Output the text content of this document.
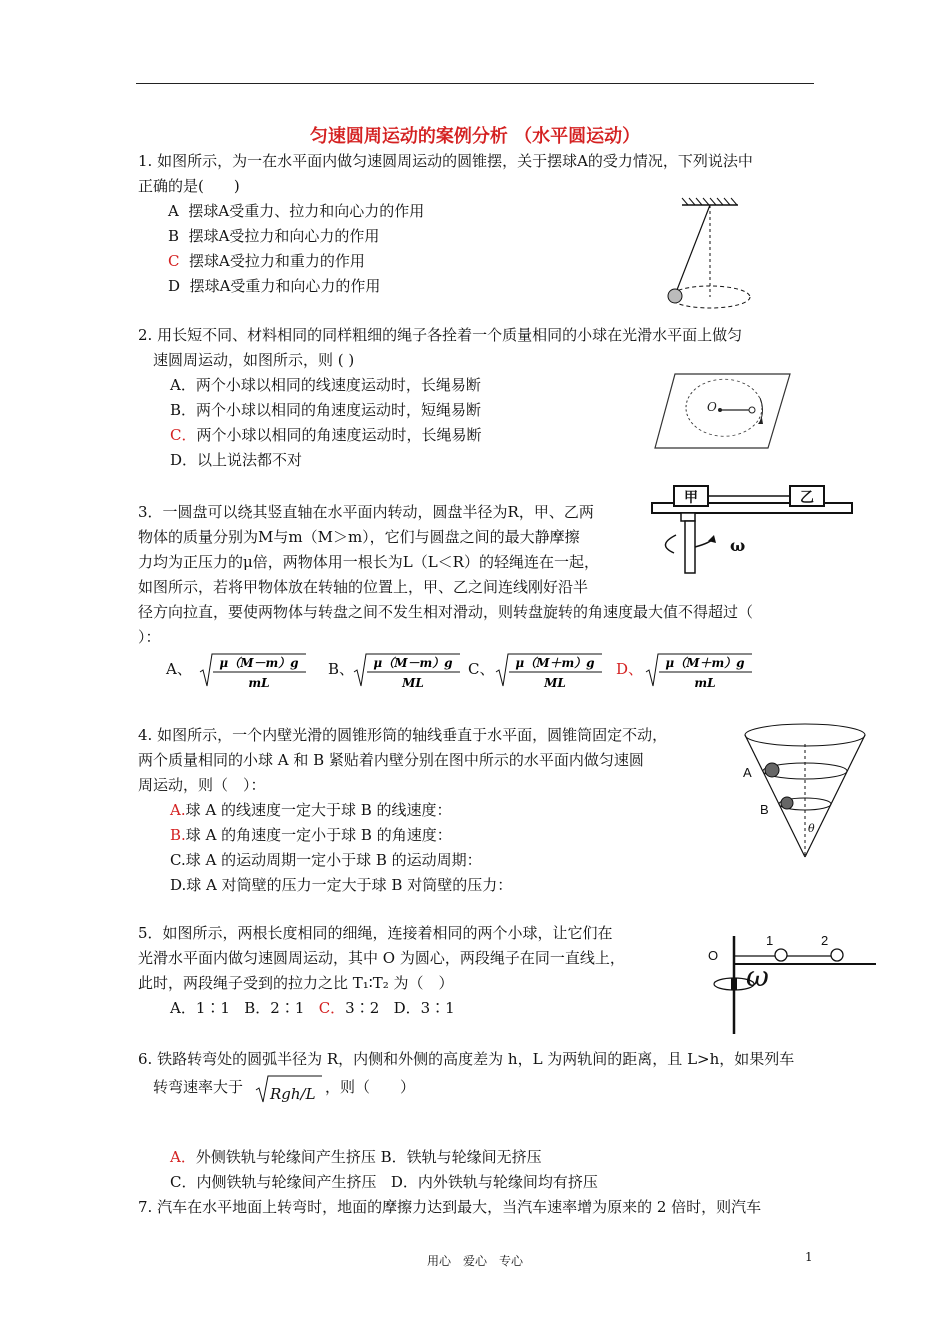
匀速圆周运动的案例分析 （水平圆运动）
1. 如图所示，为一在水平面内做匀速圆周运动的圆锥摆，关于摆球A的受力情况，下列说法中
正确的是(　　)
A 摆球A受重力、拉力和向心力的作用
B 摆球A受拉力和向心力的作用
C 摆球A受拉力和重力的作用
D 摆球A受重力和向心力的作用
2. 用长短不同、材料相同的同样粗细的绳子各拴着一个质量相同的小球在光滑水平面上做匀
速圆周运动，如图所示，则 ( )
A．两个小球以相同的线速度运动时，长绳易断
B．两个小球以相同的角速度运动时，短绳易断
C．两个小球以相同的角速度运动时，长绳易断
D．以上说法都不对
O
3．一圆盘可以绕其竖直轴在水平面内转动，圆盘半径为R，甲、乙两
物体的质量分别为M与m（M＞m），它们与圆盘之间的最大静摩擦
力均为正压力的μ倍，两物体用一根长为L（L＜R）的轻绳连在一起，
如图所示，若将甲物体放在转轴的位置上，甲、乙之间连线刚好沿半
径方向拉直，要使两物体与转盘之间不发生相对滑动，则转盘旋转的角速度最大值不得超过（
）：
甲	乙
ω
A、 μ（M－m）g
mL
B、 μ（M－m）g
ML
C、 μ（M＋m）g
ML
D、 μ（M＋m）g
mL
4. 如图所示，一个内壁光滑的圆锥形筒的轴线垂直于水平面，圆锥筒固定不动，
两个质量相同的小球 A 和 B 紧贴着内壁分别在图中所示的水平面内做匀速圆
周运动，则（　）：
A.球 A 的线速度一定大于球 B 的线速度：
B.球 A 的角速度一定小于球 B 的角速度：
C.球 A 的运动周期一定小于球 B 的运动周期：
D.球 A 对筒壁的压力一定大于球 B 对筒壁的压力：
A
B
θ
5．如图所示，两根长度相同的细绳，连接着相同的两个小球，让它们在
光滑水平面内做匀速圆周运动，其中 O 为圆心，两段绳子在同一直线上，
此时，两段绳子受到的拉力之比 T₁∶T₂ 为（　）
A．1∶1 B．2∶1 C．3∶2 D．3∶1
O
1	2
ω
6. 铁路转弯处的圆弧半径为 R，内侧和外侧的高度差为 h，L 为两轨间的距离，且 L>h，如果列车
转弯速率大于 Rgh/L ，则（　　）
A．外侧铁轨与轮缘间产生挤压 B．铁轨与轮缘间无挤压
C．内侧铁轨与轮缘间产生挤压 D．内外铁轨与轮缘间均有挤压
7. 汽车在水平地面上转弯时，地面的摩擦力达到最大，当汽车速率增为原来的 2 倍时，则汽车
用心　爱心　专心	1
